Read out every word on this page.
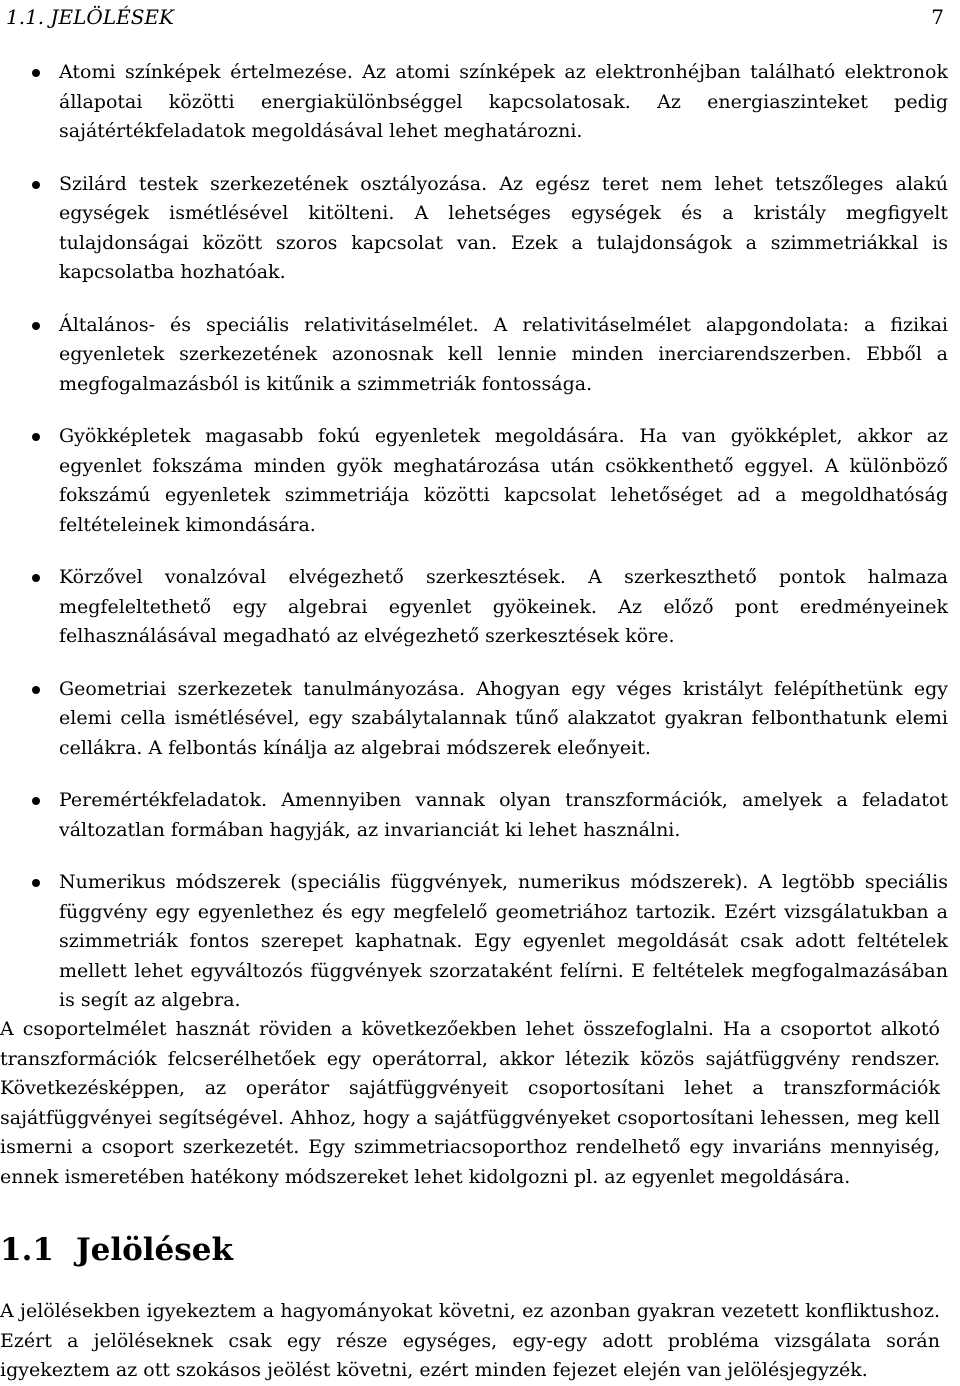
1.1. JELÖLÉSEK	7
Atomi színképek értelmezése. Az atomi színképek az elektronhéjban található elektronok állapotai közötti energiakülönbséggel kapcsolatosak. Az energiaszinteket pedig sajátértékfeladatok megoldásával lehet meghatározni.
Szilárd testek szerkezetének osztályozása. Az egész teret nem lehet tetszőleges alakú egységek ismétlésével kitölteni. A lehetséges egységek és a kristály megfigyelt tulajdonságai között szoros kapcsolat van. Ezek a tulajdonságok a szimmetriákkal is kapcsolatba hozhatóak.
Általános- és speciális relativitáselmélet. A relativitáselmélet alapgondolata: a fizikai egyenletek szerkezetének azonosnak kell lennie minden inerciarendszerben. Ebből a megfogalmazásból is kitűnik a szimmetriák fontossága.
Gyökképletek magasabb fokú egyenletek megoldására. Ha van gyökképlet, akkor az egyenlet fokszáma minden gyök meghatározása után csökkenthető eggyel. A különböző fokszámú egyenletek szimmetriája közötti kapcsolat lehetőséget ad a megoldhatóság feltételeinek kimondására.
Körzővel vonalzóval elvégezhető szerkesztések. A szerkeszthető pontok halmaza megfeleltethető egy algebrai egyenlet gyökeinek. Az előző pont eredményeinek felhasználásával megadható az elvégezhető szerkesztések köre.
Geometriai szerkezetek tanulmányozása. Ahogyan egy véges kristályt felépíthetünk egy elemi cella ismétlésével, egy szabálytalannak tűnő alakzatot gyakran felbonthatunk elemi cellákra. A felbontás kínálja az algebrai módszerek eleőnyeit.
Peremértékfeladatok. Amennyiben vannak olyan transzformációk, amelyek a feladatot változatlan formában hagyják, az invarianciát ki lehet használni.
Numerikus módszerek (speciális függvények, numerikus módszerek). A legtöbb speciális függvény egy egyenlethez és egy megfelelő geometriához tartozik. Ezért vizsgálatukban a szimmetriák fontos szerepet kaphatnak. Egy egyenlet megoldását csak adott feltételek mellett lehet egyváltozós függvények szorzataként felírni. E feltételek megfogalmazásában is segít az algebra.

A csoportelmélet hasznát röviden a következőekben lehet összefoglalni. Ha a csoportot alkotó transzformációk felcserélhetőek egy operátorral, akkor létezik közös sajátfüggvény rendszer. Következésképpen, az operátor sajátfüggvényeit csoportosítani lehet a transzformációk sajátfüggvényei segítségével. Ahhoz, hogy a sajátfüggvényeket csoportosítani lehessen, meg kell ismerni a csoport szerkezetét. Egy szimmetriacsoporthoz rendelhető egy invariáns mennyiség, ennek ismeretében hatékony módszereket lehet kidolgozni pl. az egyenlet megoldására.

1.1 Jelölések

A jelölésekben igyekeztem a hagyományokat követni, ez azonban gyakran vezetett konfliktushoz. Ezért a jelöléseknek csak egy része egységes, egy-egy adott probléma vizsgálata során igyekeztem az ott szokásos jeölést követni, ezért minden fejezet elején van jelölésjegyzék.
